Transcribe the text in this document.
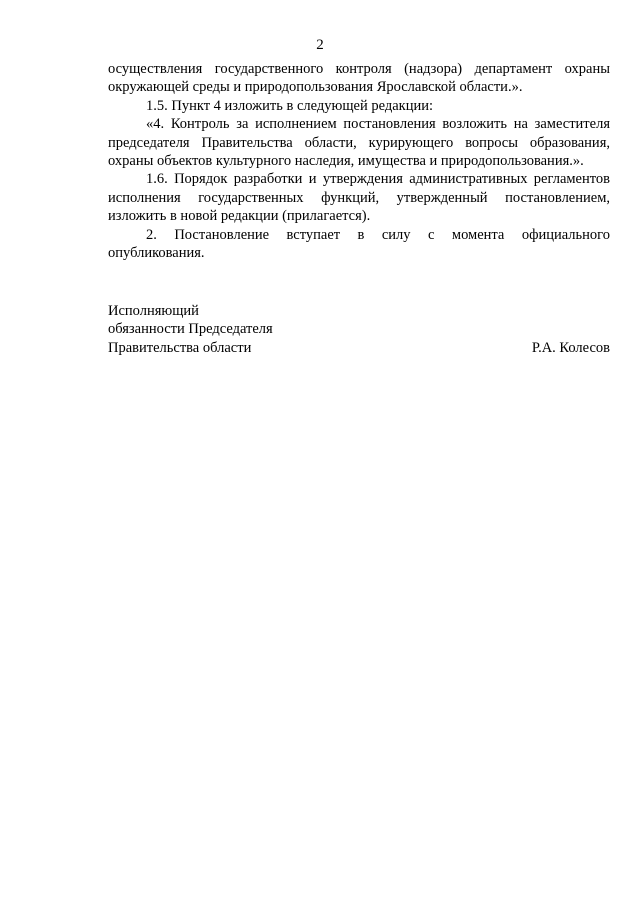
2

осуществления государственного контроля (надзора) департамент охраны окружающей среды и природопользования Ярославской области.».

1.5. Пункт 4 изложить в следующей редакции:

«4. Контроль за исполнением постановления возложить на заместителя председателя Правительства области, курирующего вопросы образования, охраны объектов культурного наследия, имущества и природопользования.».

1.6. Порядок разработки и утверждения административных регламентов исполнения государственных функций, утвержденный постановлением, изложить в новой редакции (прилагается).

2. Постановление вступает в силу с момента официального опубликования.

Исполняющий
обязанности Председателя
Правительства области	Р.А. Колесов
